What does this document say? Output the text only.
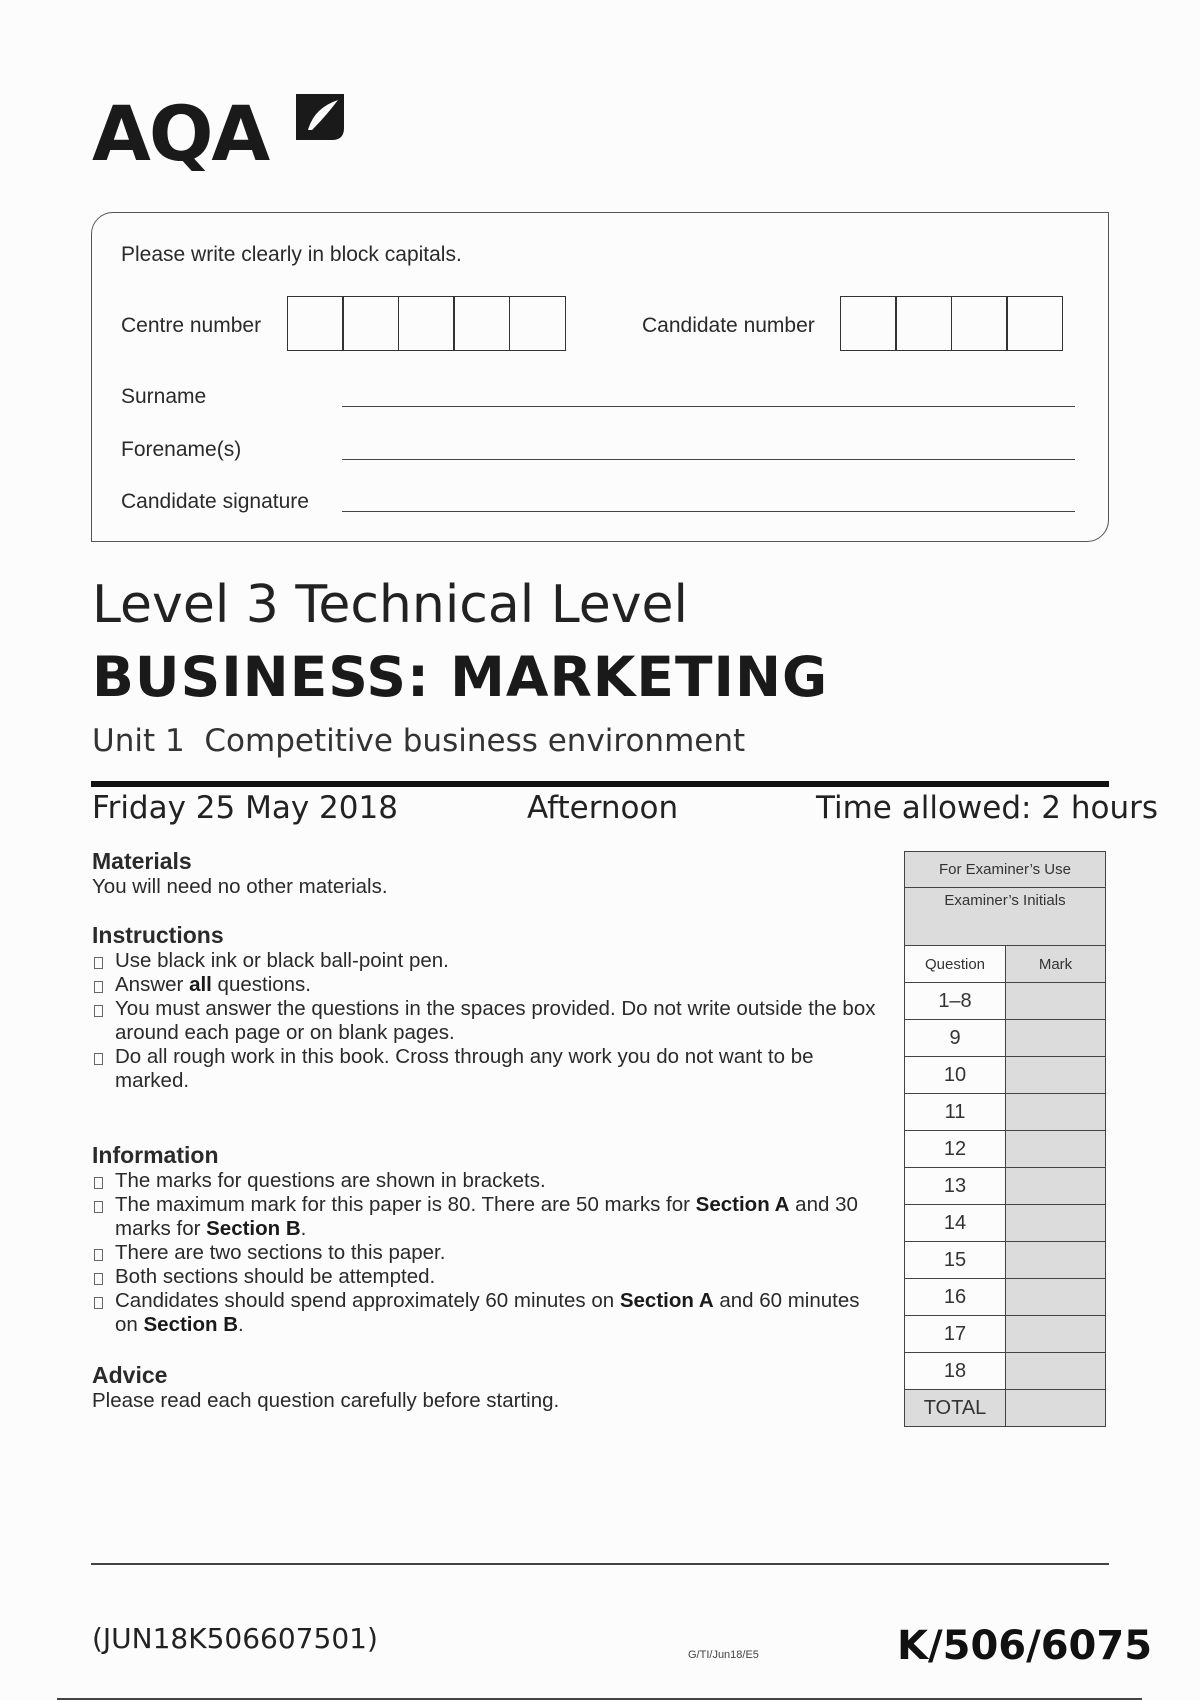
AQA
Please write clearly in block capitals.
Centre number	Candidate number
Surname
Forename(s)
Candidate signature
Level 3 Technical Level
BUSINESS: MARKETING
Unit 1  Competitive business environment
Friday 25 May 2018	Afternoon	Time allowed: 2 hours
Materials
You will need no other materials.
Instructions
Use black ink or black ball-point pen.
Answer all questions.
You must answer the questions in the spaces provided. Do not write outside the box around each page or on blank pages.
Do all rough work in this book. Cross through any work you do not want to be marked.
Information
The marks for questions are shown in brackets.
The maximum mark for this paper is 80. There are 50 marks for Section A and 30 marks for Section B.
There are two sections to this paper.
Both sections should be attempted.
Candidates should spend approximately 60 minutes on Section A and 60 minutes on Section B.
Advice
Please read each question carefully before starting.
For Examiner’s Use	
Examiner’s Initials	
Question	Mark
1–8	
9	
10	
11	
12	
13	
14	
15	
16	
17	
18	
TOTAL	
(JUN18K506607501)	G/TI/Jun18/E5	K/506/6075
